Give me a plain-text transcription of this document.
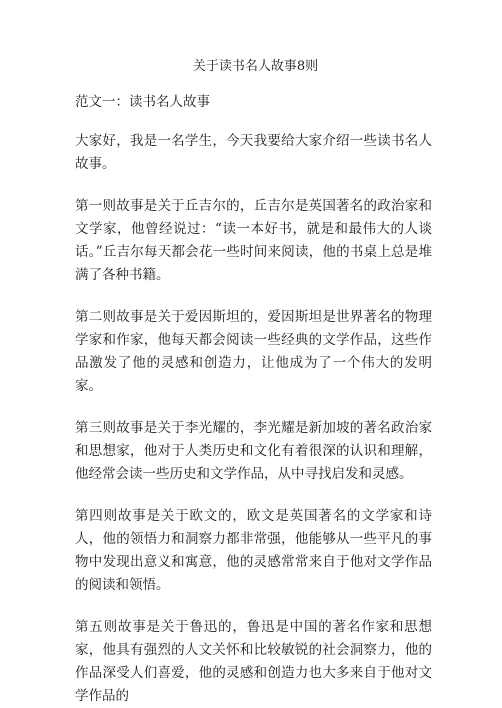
关于读书名人故事8则
范文一：读书名人故事

大家好，我是一名学生，今天我要给大家介绍一些读书名人故事。

第一则故事是关于丘吉尔的，丘吉尔是英国著名的政治家和文学家，他曾经说过：“读一本好书，就是和最伟大的人谈话。”丘吉尔每天都会花一些时间来阅读，他的书桌上总是堆满了各种书籍。

第二则故事是关于爱因斯坦的，爱因斯坦是世界著名的物理学家和作家，他每天都会阅读一些经典的文学作品，这些作品激发了他的灵感和创造力，让他成为了一个伟大的发明家。

第三则故事是关于李光耀的，李光耀是新加坡的著名政治家和思想家，他对于人类历史和文化有着很深的认识和理解，他经常会读一些历史和文学作品，从中寻找启发和灵感。

第四则故事是关于欧文的，欧文是英国著名的文学家和诗人，他的领悟力和洞察力都非常强，他能够从一些平凡的事物中发现出意义和寓意，他的灵感常常来自于他对文学作品的阅读和领悟。

第五则故事是关于鲁迅的，鲁迅是中国的著名作家和思想家，他具有强烈的人文关怀和比较敏锐的社会洞察力，他的作品深受人们喜爱，他的灵感和创造力也大多来自于他对文学作品的
